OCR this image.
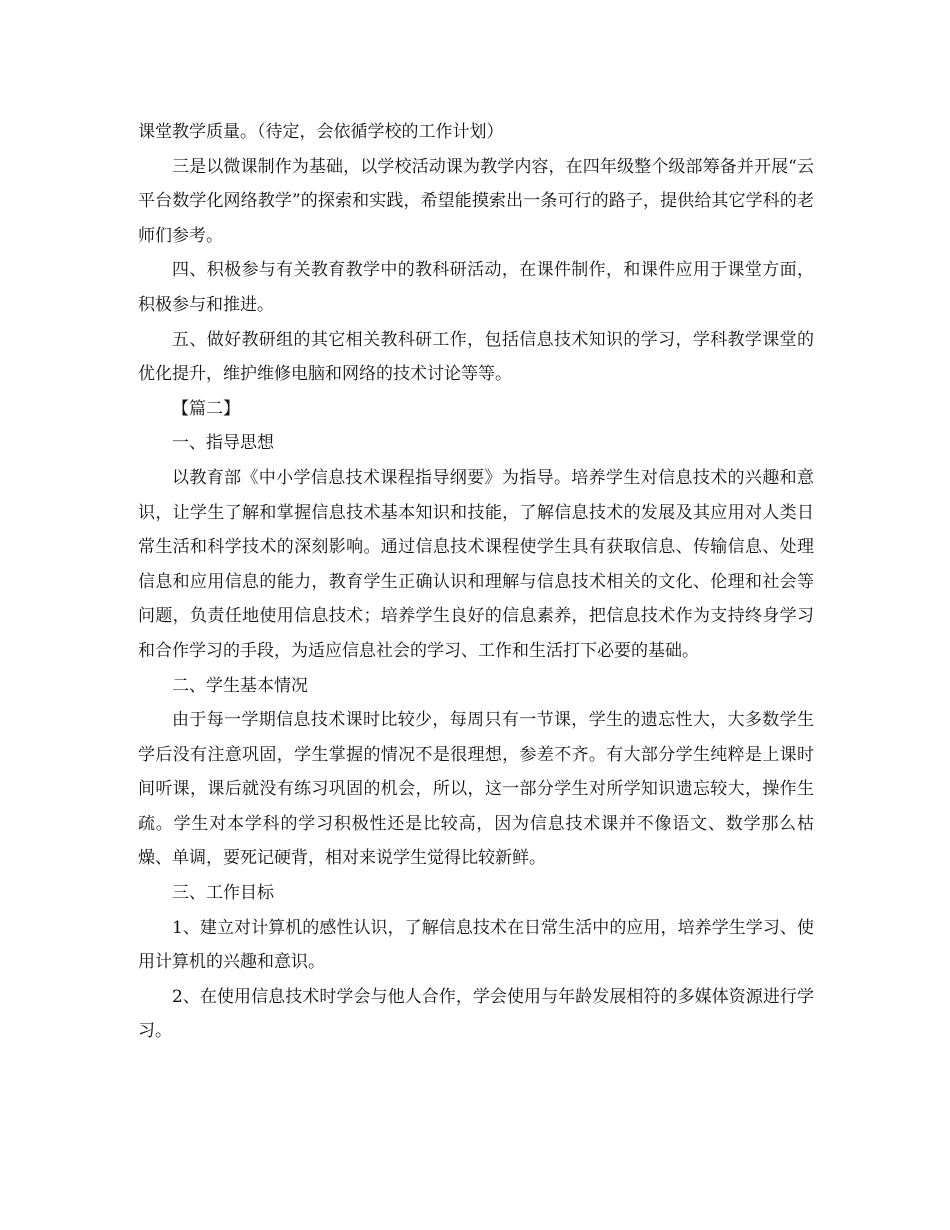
课堂教学质量。（待定，会依循学校的工作计划）

三是以微课制作为基础，以学校活动课为教学内容，在四年级整个级部筹备并开展“云平台数学化网络教学”的探索和实践，希望能摸索出一条可行的路子，提供给其它学科的老师们参考。

四、积极参与有关教育教学中的教科研活动，在课件制作，和课件应用于课堂方面，积极参与和推进。

五、做好教研组的其它相关教科研工作，包括信息技术知识的学习，学科教学课堂的优化提升，维护维修电脑和网络的技术讨论等等。

【篇二】

一、指导思想

以教育部《中小学信息技术课程指导纲要》为指导。培养学生对信息技术的兴趣和意识，让学生了解和掌握信息技术基本知识和技能，了解信息技术的发展及其应用对人类日常生活和科学技术的深刻影响。通过信息技术课程使学生具有获取信息、传输信息、处理信息和应用信息的能力，教育学生正确认识和理解与信息技术相关的文化、伦理和社会等问题，负责任地使用信息技术；培养学生良好的信息素养，把信息技术作为支持终身学习和合作学习的手段，为适应信息社会的学习、工作和生活打下必要的基础。

二、学生基本情况

由于每一学期信息技术课时比较少，每周只有一节课，学生的遗忘性大，大多数学生学后没有注意巩固，学生掌握的情况不是很理想，参差不齐。有大部分学生纯粹是上课时间听课，课后就没有练习巩固的机会，所以，这一部分学生对所学知识遗忘较大，操作生疏。学生对本学科的学习积极性还是比较高，因为信息技术课并不像语文、数学那么枯燥、单调，要死记硬背，相对来说学生觉得比较新鲜。

三、工作目标

1、建立对计算机的感性认识，了解信息技术在日常生活中的应用，培养学生学习、使用计算机的兴趣和意识。

2、在使用信息技术时学会与他人合作，学会使用与年龄发展相符的多媒体资源进行学习。
